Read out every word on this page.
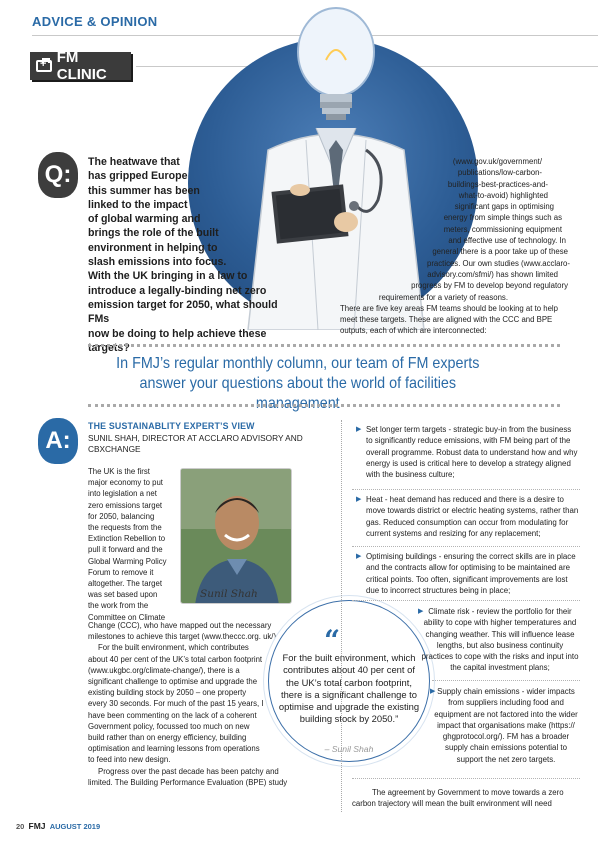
ADVICE & OPINION
+
FM CLINIC
Q:	The heatwave that
has gripped Europe
this summer has been
linked to the impact
of global warming and
brings the role of the built
environment in helping to
slash emissions into focus.
With the UK bringing in a law to
introduce a legally-binding net zero
emission target for 2050, what should FMs
now be doing to help achieve these targets?
(www.gov.uk/government/
publications/low-carbon-
buildings-best-practices-and-
what-to-avoid) highlighted
significant gaps in optimising
energy from simple things such as
meters, commissioning equipment
and effective use of technology. In
general there is a poor take up of these
practices. Our own studies (www.acclaro-
advisory.com/sfmi/) has shown limited
progress by FM to develop beyond regulatory
requirements for a variety of reasons.
There are five key areas FM teams should be looking at to help
meet these targets. These are aligned with the CCC and BPE
outputs, each of which are interconnected:
In FMJ’s regular monthly column, our team of FM experts answer your questions about the world of facilities management
A:
THE SUSTAINABLITY EXPERT’S VIEW
SUNIL SHAH, DIRECTOR AT ACCLARO ADVISORY AND CBXCHANGE
Sunil Shah
The UK is the first
major economy to put
into legislation a net
zero emissions target
for 2050, balancing
the requests from the
Extinction Rebellion to
pull it forward and the
Global Warming Policy
Forum to remove it
altogether. The target
was set based upon
the work from the
Committee on Climate

Change (CCC), who have mapped out the necessary milestones to achieve this target (www.theccc.org. uk/).

For the built environment, which contributes about 40 per cent of the UK’s total carbon footprint (www.ukgbc.org/climate-change/), there is a significant challenge to optimise and upgrade the existing building stock by 2050 – one property every 30 seconds. For much of the past 15 years, I have been commenting on the lack of a coherent Government policy, focussed too much on new build rather than on energy efficiency, building optimisation and learning lessons from operations to feed into new design.

Progress over the past decade has been patchy and limited. The Building Performance Evaluation (BPE) study

“
For the built environment, which contributes about 40 per cent of the UK’s total carbon footprint, there is a significant challenge to optimise and upgrade the existing building stock by 2050.”
– Sunil Shah
▶ Set longer term targets - strategic buy-in from the business to significantly reduce emissions, with FM being part of the overall programme. Robust data to understand how and why energy is used is critical here to develop a strategy aligned with the business culture;
▶ Heat - heat demand has reduced and there is a desire to move towards district or electric heating systems, rather than gas. Reduced consumption can occur from modulating for current systems and resizing for any replacement;
▶ Optimising buildings - ensuring the correct skills are in place and the contracts allow for optimising to be maintained are critical points. Too often, significant improvements are lost due to incorrect structures being in place;
▶ Climate risk - review the portfolio for their ability to cope with higher temperatures and changing weather. This will influence lease lengths, but also business continuity practices to cope with the risks and input into the capital investment plans;
▶ Supply chain emissions - wider impacts from suppliers including food and equipment are not factored into the wider impact that organisations make (https:// ghgprotocol.org/). FM has a broader supply chain emissions potential to support the net zero targets.
The agreement by Government to move towards a zero carbon trajectory will mean the built environment will need
20 FMJ AUGUST 2019
